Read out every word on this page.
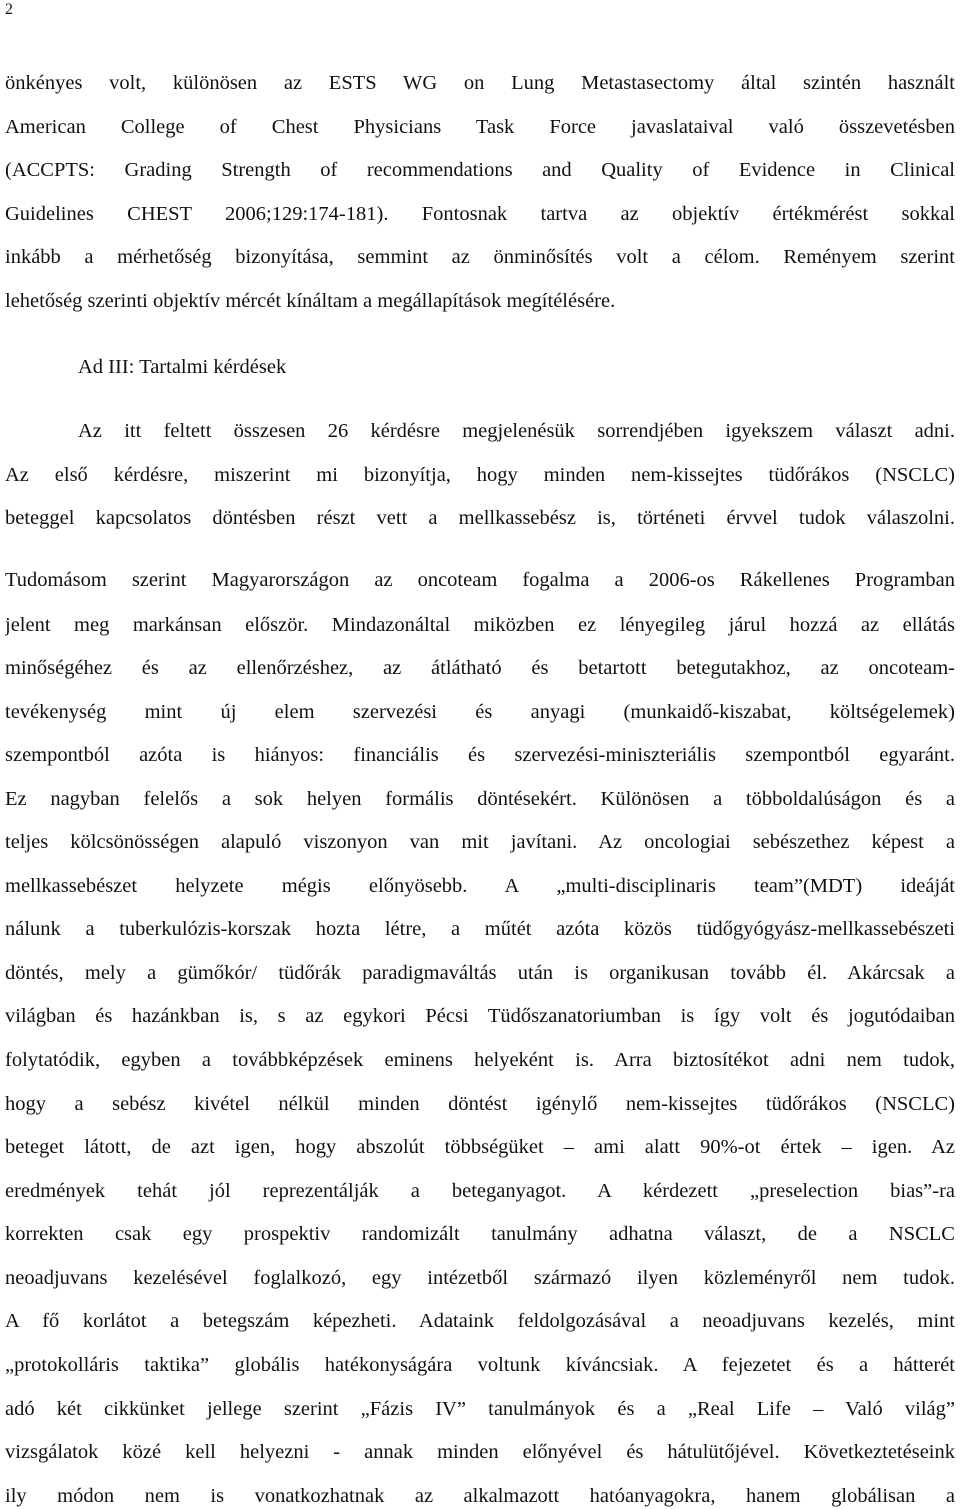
2
önkényes volt, különösen az ESTS WG on Lung Metastasectomy által szintén használt
American College of Chest Physicians Task Force javaslataival való összevetésben
(ACCPTS: Grading Strength of recommendations and Quality of Evidence in Clinical
Guidelines CHEST 2006;129:174-181). Fontosnak tartva az objektív értékmérést sokkal
inkább a mérhetőség bizonyítása, semmint az önminősítés volt a célom. Reményem szerint
lehetőség szerinti objektív mércét kínáltam a megállapítások megítélésére.
Ad III: Tartalmi kérdések
Az itt feltett összesen 26 kérdésre megjelenésük sorrendjében igyekszem választ adni.
Az első kérdésre, miszerint mi bizonyítja, hogy minden nem-kissejtes tüdőrákos (NSCLC)
beteggel kapcsolatos döntésben részt vett a mellkassebész is, történeti érvvel tudok válaszolni.
Tudomásom szerint Magyarországon az oncoteam fogalma a 2006-os Rákellenes Programban
jelent meg markánsan először. Mindazonáltal miközben ez lényegileg járul hozzá az ellátás
minőségéhez és az ellenőrzéshez, az átlátható és betartott betegutakhoz, az oncoteam-
tevékenység mint új elem szervezési és anyagi (munkaidő-kiszabat, költségelemek)
szempontból azóta is hiányos: financiális és szervezési-miniszteriális szempontból egyaránt.
Ez nagyban felelős a sok helyen formális döntésekért. Különösen a többoldalúságon és a
teljes kölcsönösségen alapuló viszonyon van mit javítani. Az oncologiai sebészethez képest a
mellkassebészet helyzete mégis előnyösebb. A „multi-disciplinaris team”(MDT) ideáját
nálunk a tuberkulózis-korszak hozta létre, a műtét azóta közös tüdőgyógyász-mellkassebészeti
döntés, mely a gümőkór/ tüdőrák paradigmaváltás után is organikusan tovább él. Akárcsak a
világban és hazánkban is, s az egykori Pécsi Tüdőszanatoriumban is így volt és jogutódaiban
folytatódik, egyben a továbbképzések eminens helyeként is. Arra biztosítékot adni nem tudok,
hogy a sebész kivétel nélkül minden döntést igénylő nem-kissejtes tüdőrákos (NSCLC)
beteget látott, de azt igen, hogy abszolút többségüket – ami alatt 90%-ot értek – igen. Az
eredmények tehát jól reprezentálják a beteganyagot. A kérdezett „preselection bias”-ra
korrekten csak egy prospektiv randomizált tanulmány adhatna választ, de a NSCLC
neoadjuvans kezelésével foglalkozó, egy intézetből származó ilyen közleményről nem tudok.
A fő korlátot a betegszám képezheti. Adataink feldolgozásával a neoadjuvans kezelés, mint
„protokolláris taktika” globális hatékonyságára voltunk kíváncsiak. A fejezetet és a hátterét
adó két cikkünket jellege szerint „Fázis IV” tanulmányok és a „Real Life – Való világ”
vizsgálatok közé kell helyezni - annak minden előnyével és hátulütőjével. Következtetéseink
ily módon nem is vonatkozhatnak az alkalmazott hatóanyagokra, hanem globálisan a
